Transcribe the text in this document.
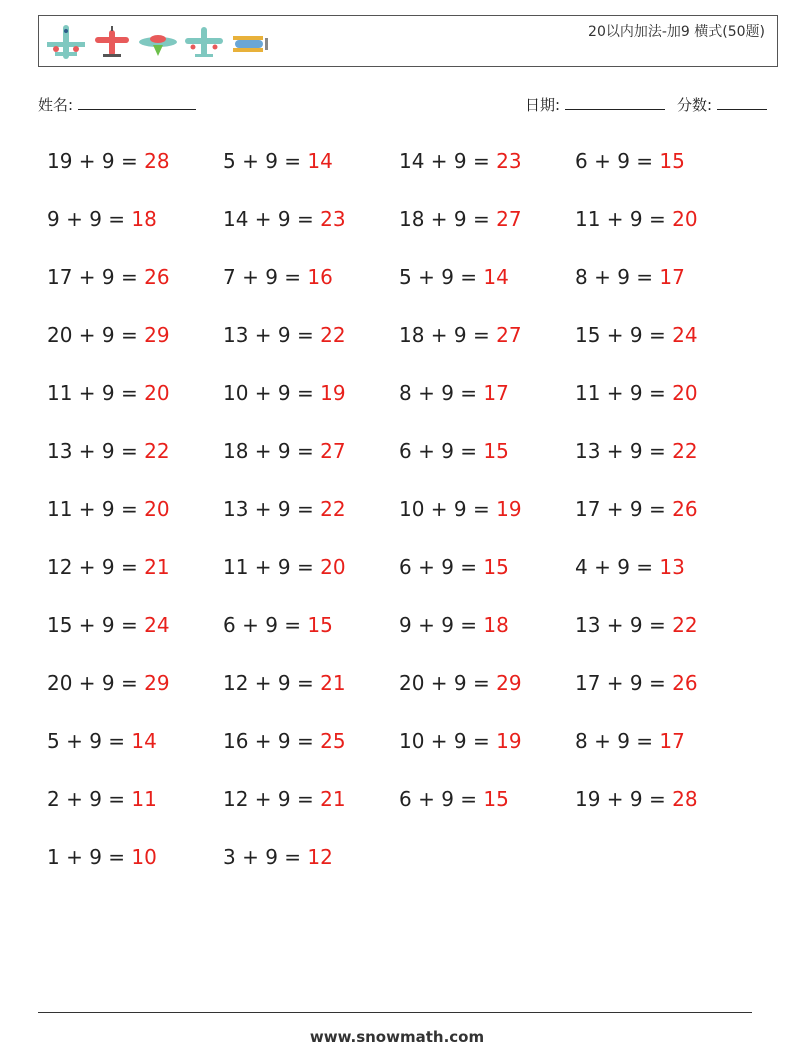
20以内加法-加9 横式(50题)
姓名:	日期:	分数:
19 + 9 = 28	5 + 9 = 14	14 + 9 = 23	6 + 9 = 15
9 + 9 = 18	14 + 9 = 23	18 + 9 = 27	11 + 9 = 20
17 + 9 = 26	7 + 9 = 16	5 + 9 = 14	8 + 9 = 17
20 + 9 = 29	13 + 9 = 22	18 + 9 = 27	15 + 9 = 24
11 + 9 = 20	10 + 9 = 19	8 + 9 = 17	11 + 9 = 20
13 + 9 = 22	18 + 9 = 27	6 + 9 = 15	13 + 9 = 22
11 + 9 = 20	13 + 9 = 22	10 + 9 = 19	17 + 9 = 26
12 + 9 = 21	11 + 9 = 20	6 + 9 = 15	4 + 9 = 13
15 + 9 = 24	6 + 9 = 15	9 + 9 = 18	13 + 9 = 22
20 + 9 = 29	12 + 9 = 21	20 + 9 = 29	17 + 9 = 26
5 + 9 = 14	16 + 9 = 25	10 + 9 = 19	8 + 9 = 17
2 + 9 = 11	12 + 9 = 21	6 + 9 = 15	19 + 9 = 28
1 + 9 = 10	3 + 9 = 12
www.snowmath.com
